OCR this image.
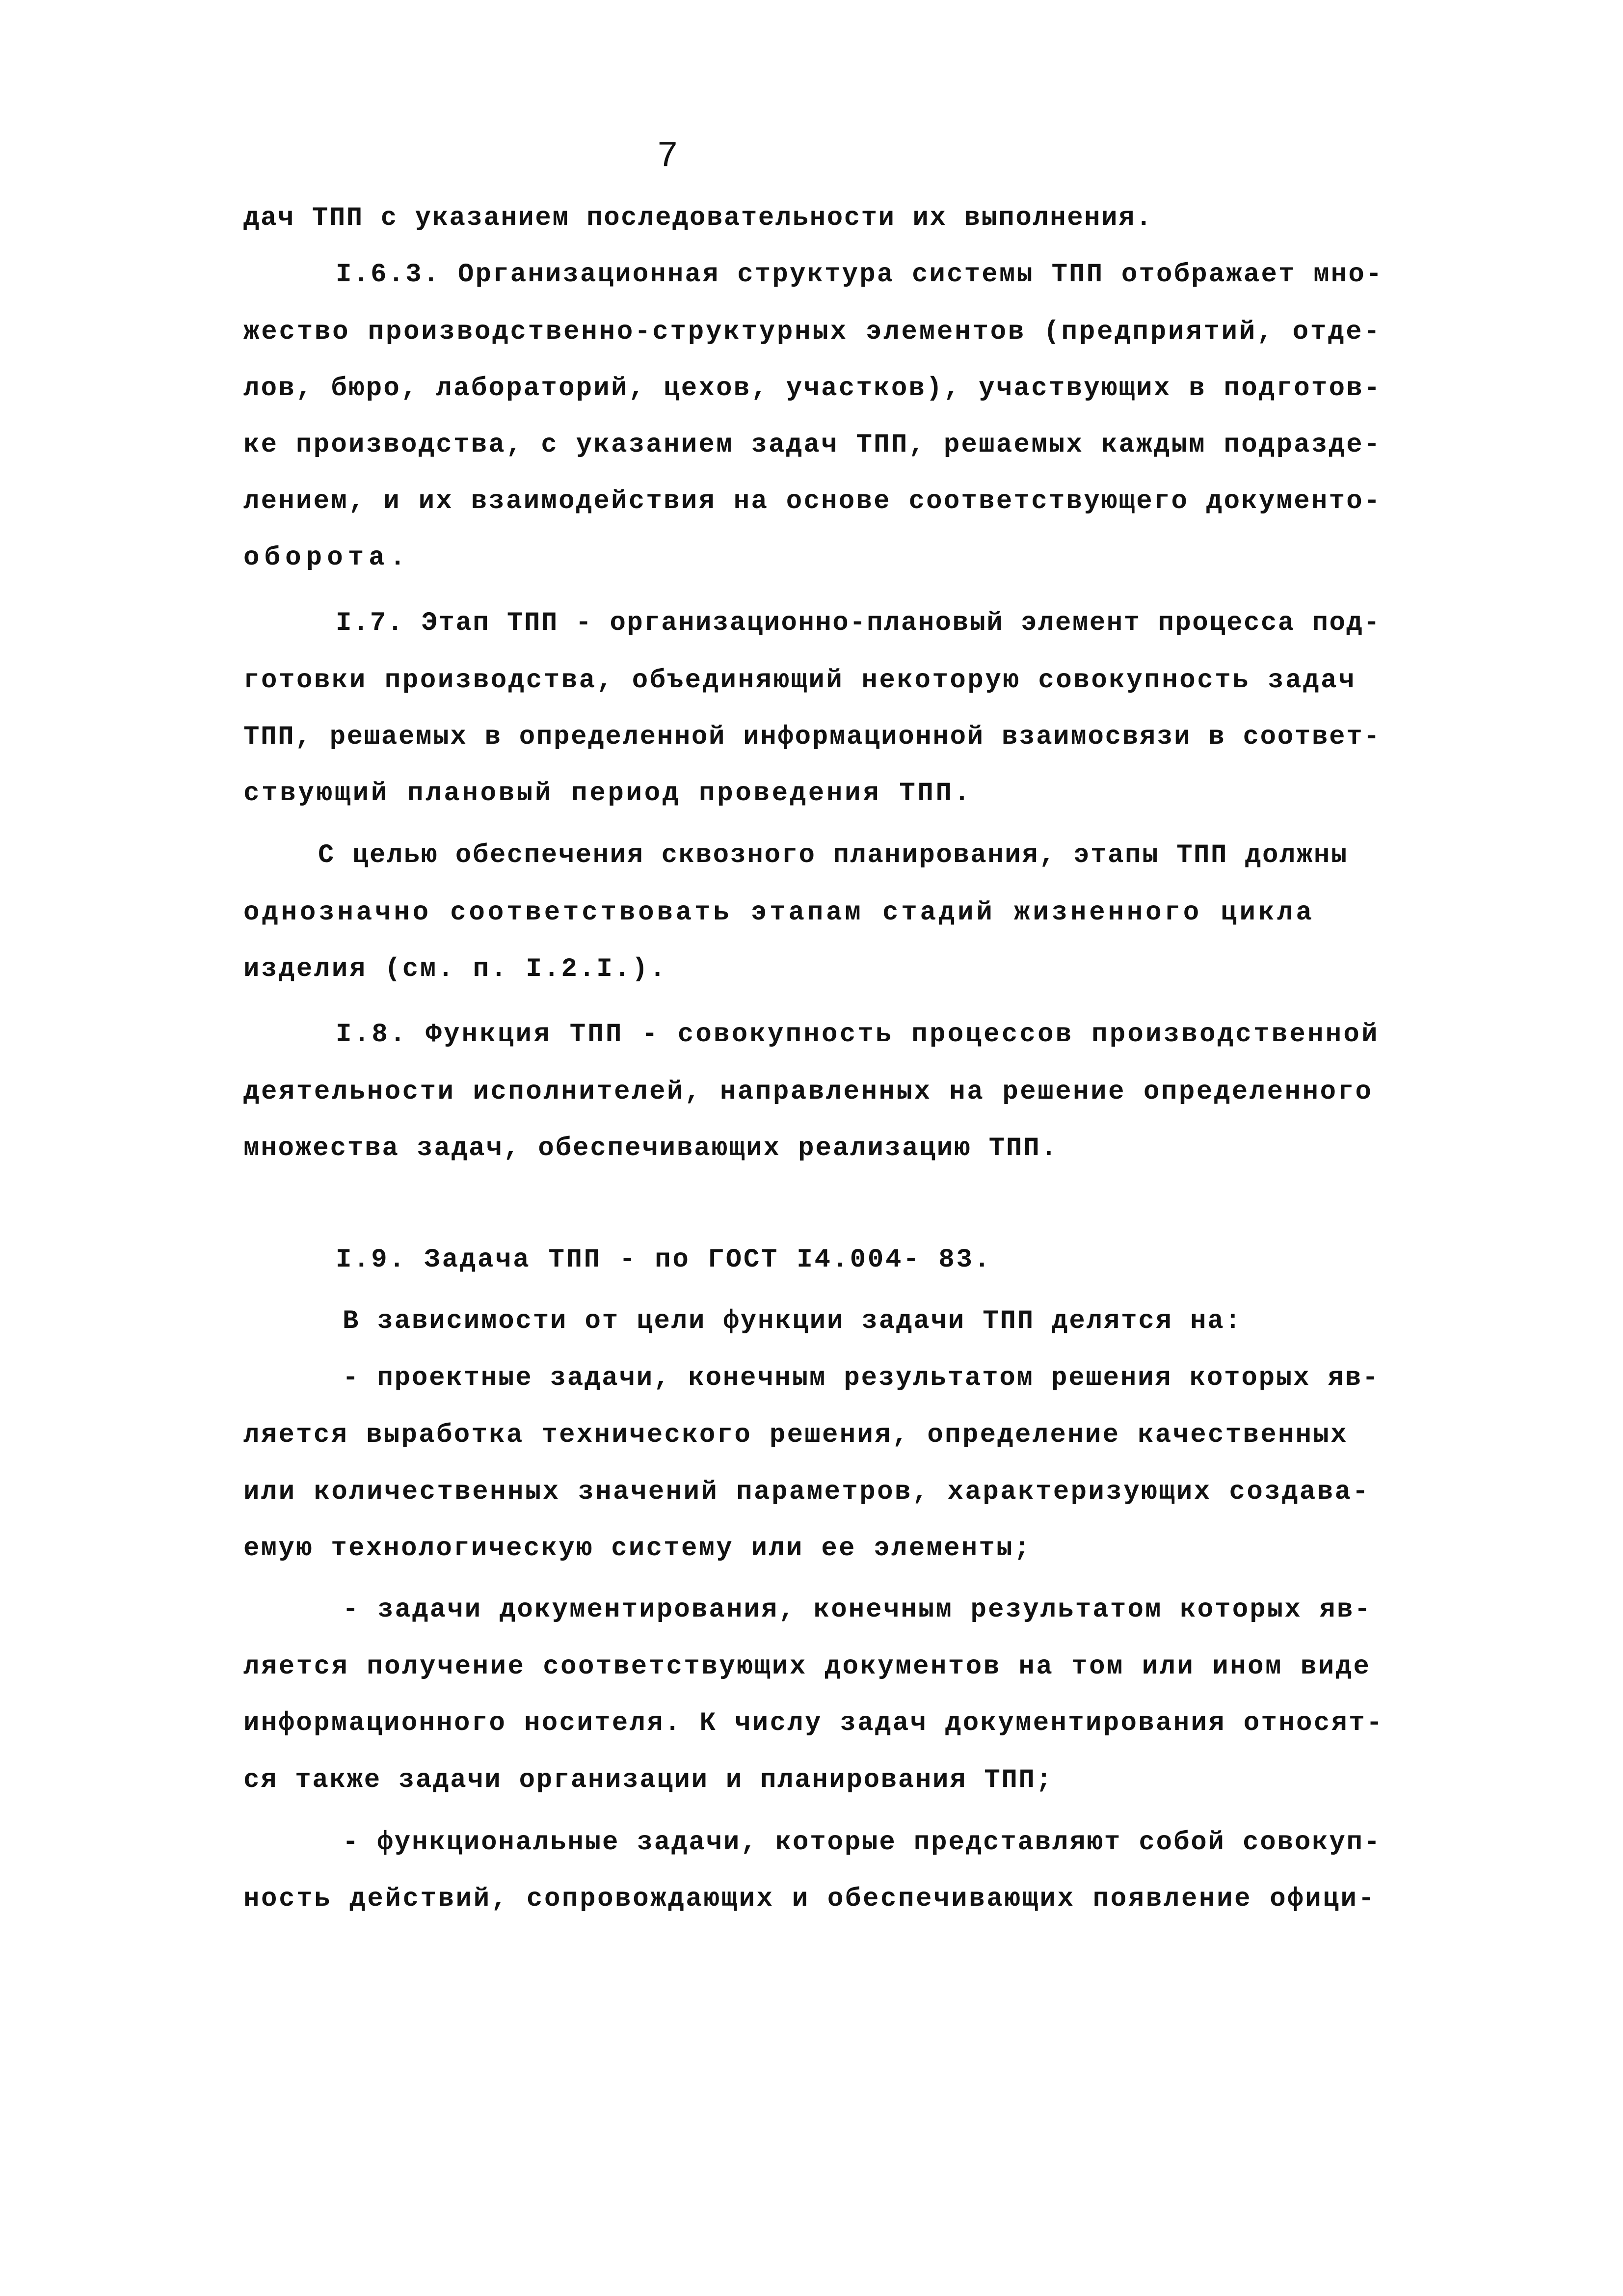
7
дач ТПП с указанием последовательности их выполнения.
I.6.3. Организационная структура системы ТПП отображает мно-
жество производственно-структурных элементов (предприятий, отде-
лов, бюро, лабораторий, цехов, участков), участвующих в подготов-
ке производства, с указанием задач ТПП, решаемых каждым подразде-
лением, и их взаимодействия на основе соответствующего документо-
оборота.
I.7. Этап ТПП - организационно-плановый элемент процесса под-
готовки производства, объединяющий некоторую совокупность задач
ТПП, решаемых в определенной информационной взаимосвязи в соответ-
ствующий плановый период проведения ТПП.
С целью обеспечения сквозного планирования, этапы ТПП должны
однозначно соответствовать этапам стадий жизненного цикла
изделия (см. п. I.2.I.).
I.8. Функция ТПП - совокупность процессов производственной
деятельности исполнителей, направленных на решение определенного
множества задач, обеспечивающих реализацию ТПП.
I.9. Задача ТПП - по ГОСТ I4.004- 83.
В зависимости от цели функции задачи ТПП делятся на:
- проектные задачи, конечным результатом решения которых яв-
ляется выработка технического решения, определение качественных
или количественных значений параметров, характеризующих создава-
емую технологическую систему или ее элементы;
- задачи документирования, конечным результатом которых яв-
ляется получение соответствующих документов на том или ином виде
информационного носителя. К числу задач документирования относят-
ся также задачи организации и планирования ТПП;
- функциональные задачи, которые представляют собой совокуп-
ность действий, сопровождающих и обеспечивающих появление офици-
